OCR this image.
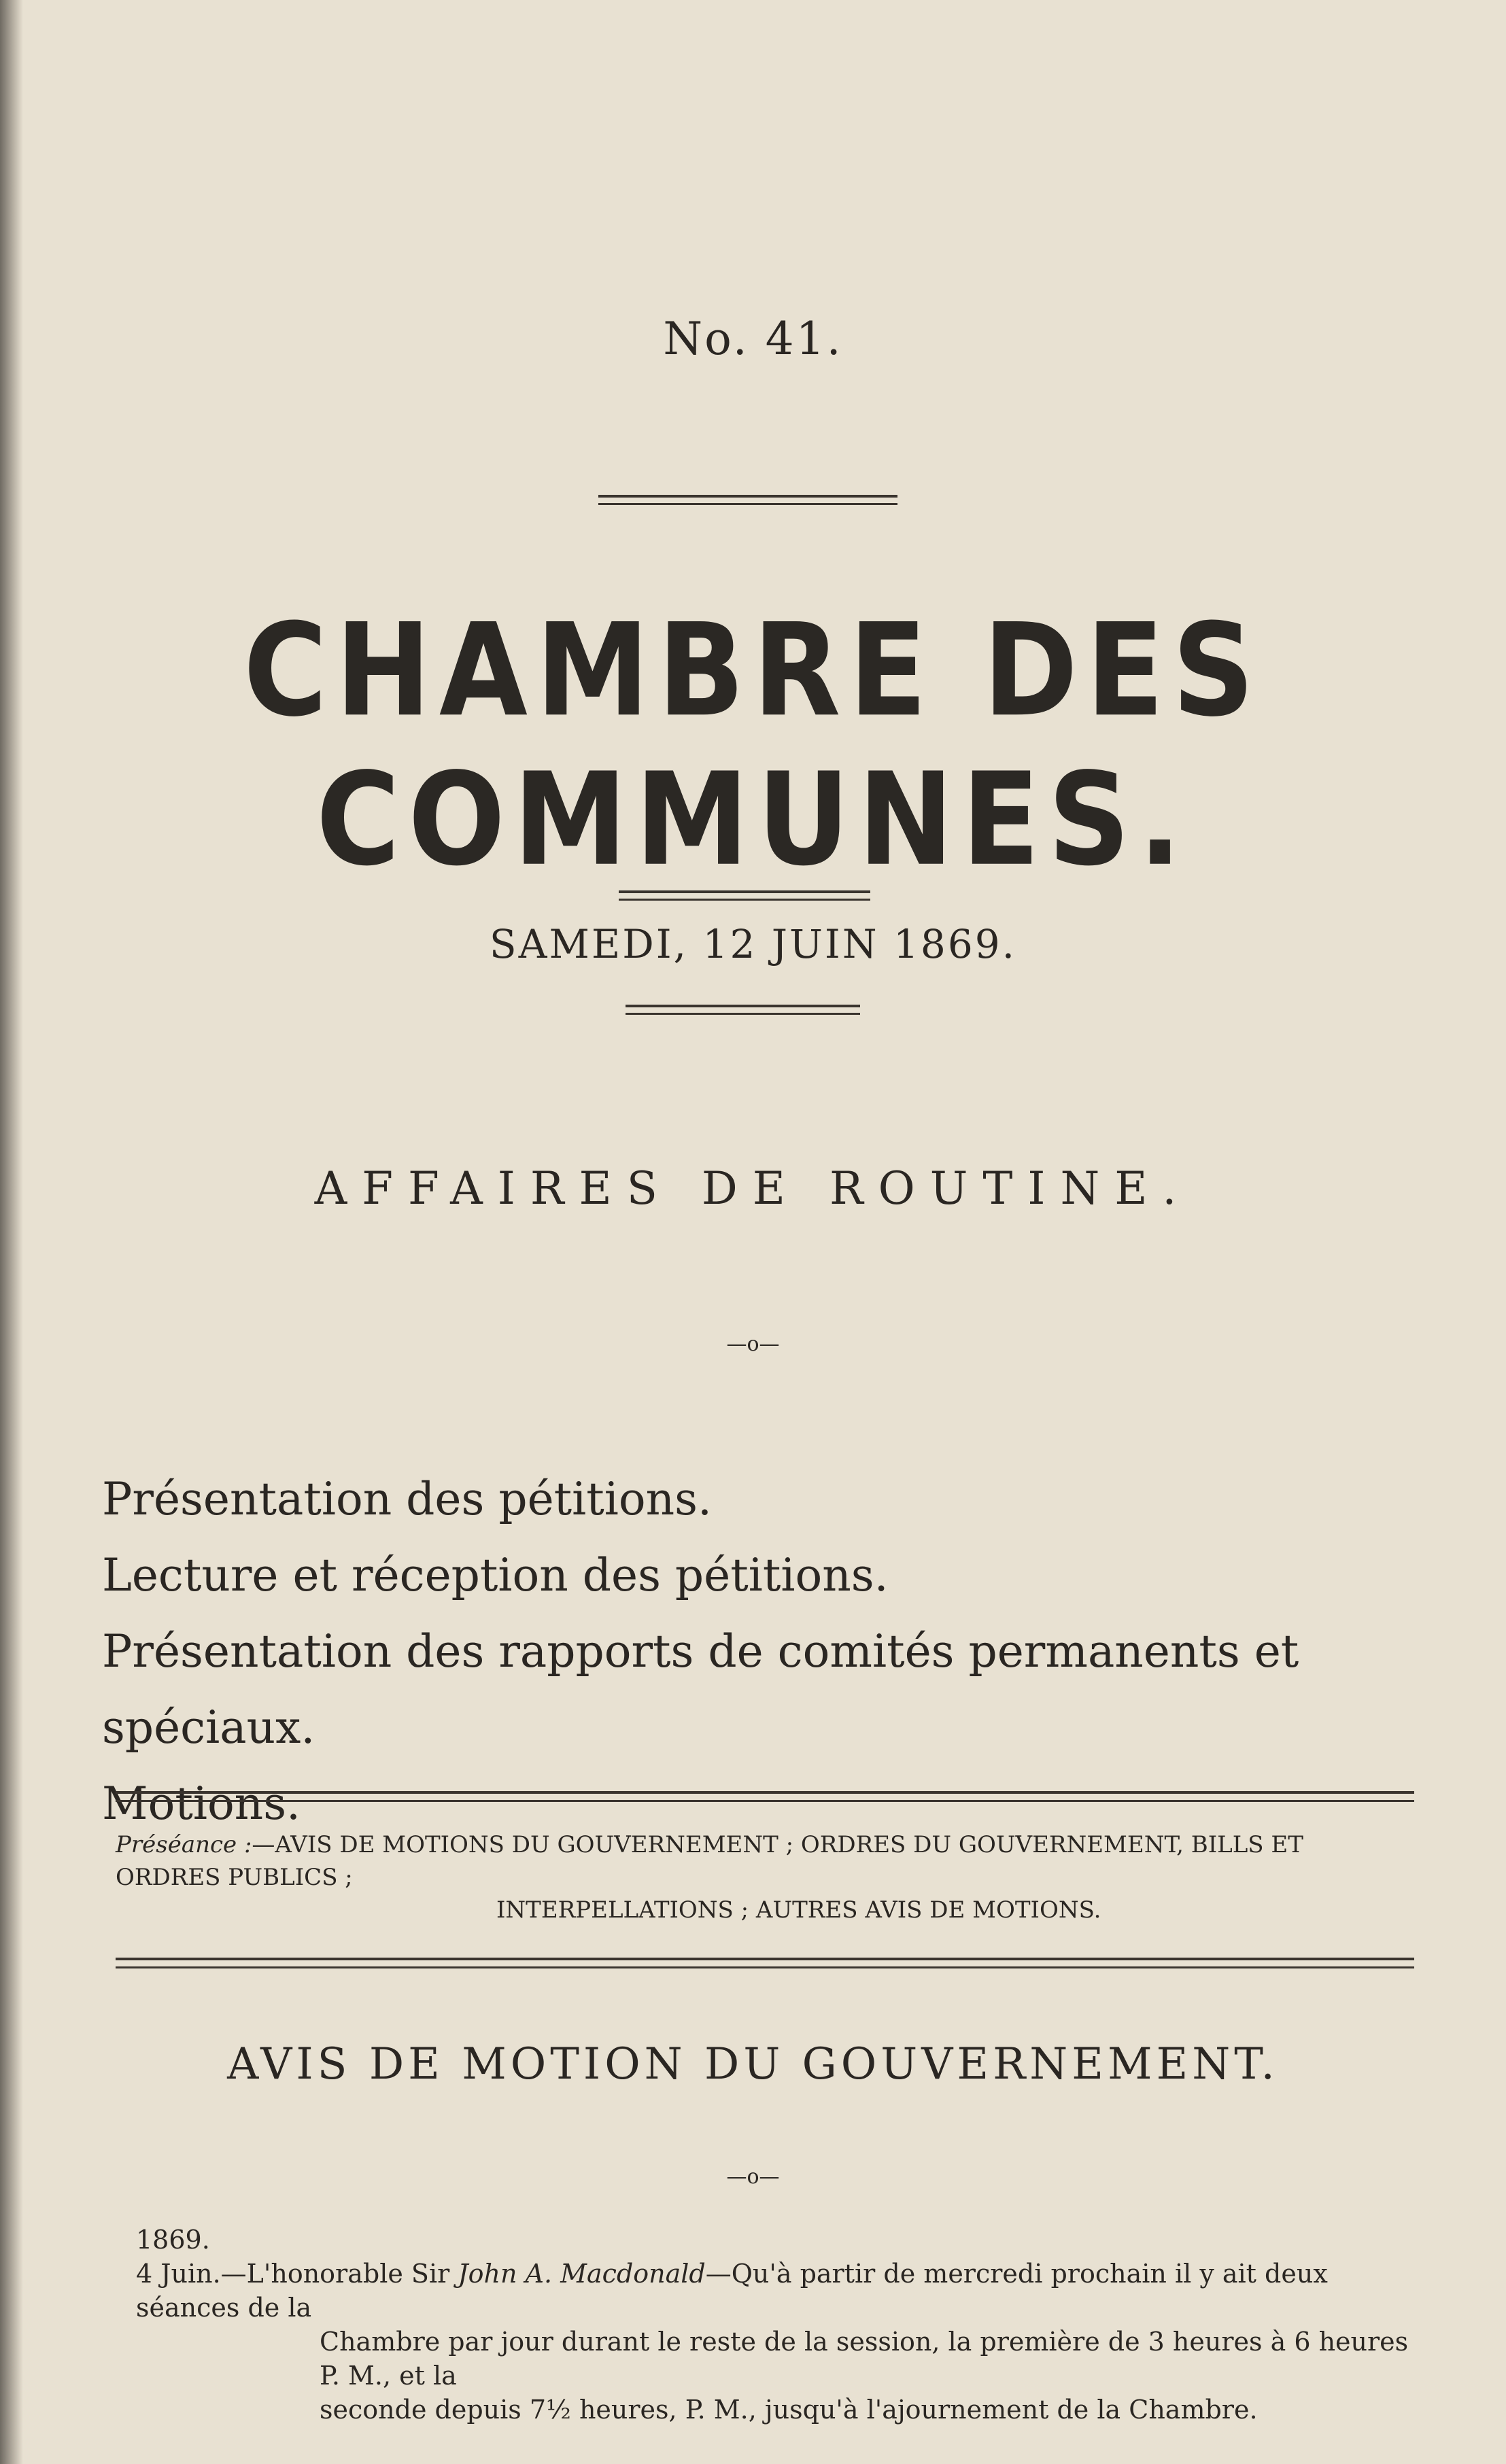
No. 41.
CHAMBRE DES COMMUNES.
SAMEDI, 12 JUIN 1869.
AFFAIRES DE ROUTINE.
—o—
Présentation des pétitions.
Lecture et réception des pétitions.
Présentation des rapports de comités permanents et spéciaux.
Motions.
Préséance :—AVIS DE MOTIONS DU GOUVERNEMENT ; ORDRES DU GOUVERNEMENT, BILLS ET ORDRES PUBLICS ;
INTERPELLATIONS ; AUTRES AVIS DE MOTIONS.
AVIS DE MOTION DU GOUVERNEMENT.
—o—
1869.
4 Juin.—L'honorable Sir John A. Macdonald—Qu'à partir de mercredi prochain il y ait deux séances de la
Chambre par jour durant le reste de la session, la première de 3 heures à 6 heures P. M., et la
seconde depuis 7½ heures, P. M., jusqu'à l'ajournement de la Chambre.
